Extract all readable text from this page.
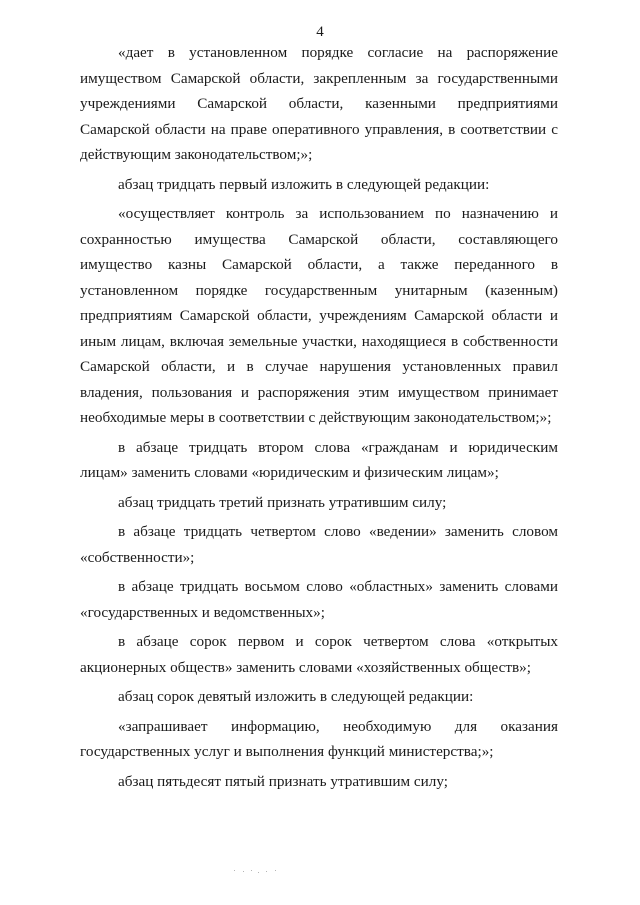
4

«дает в установленном порядке согласие на распоряжение имуществом Самарской области, закрепленным за государственными учреждениями Самарской области, казенными предприятиями Самарской области на праве оперативного управления, в соответствии с действующим законодательством;»;

абзац тридцать первый изложить в следующей редакции:

«осуществляет контроль за использованием по назначению и сохранностью имущества Самарской области, составляющего имущество казны Самарской области, а также переданного в установленном порядке государственным унитарным (казенным) предприятиям Самарской области, учреждениям Самарской области и иным лицам, включая земельные участки, находящиеся в собственности Самарской области, и в случае нарушения установленных правил владения, пользования и распоряжения этим имуществом принимает необходимые меры в соответствии с действующим законодательством;»;

в абзаце тридцать втором слова «гражданам и юридическим лицам» заменить словами «юридическим и физическим лицам»;

абзац тридцать третий признать утратившим силу;

в абзаце тридцать четвертом слово «ведении» заменить словом «собственности»;

в абзаце тридцать восьмом слово «областных» заменить словами «государственных и ведомственных»;

в абзаце сорок первом и сорок четвертом слова «открытых акционерных обществ» заменить словами «хозяйственных обществ»;

абзац сорок девятый изложить в следующей редакции:

«запрашивает информацию, необходимую для оказания государственных услуг и выполнения функций министерства;»;

абзац пятьдесят пятый признать утратившим силу;
